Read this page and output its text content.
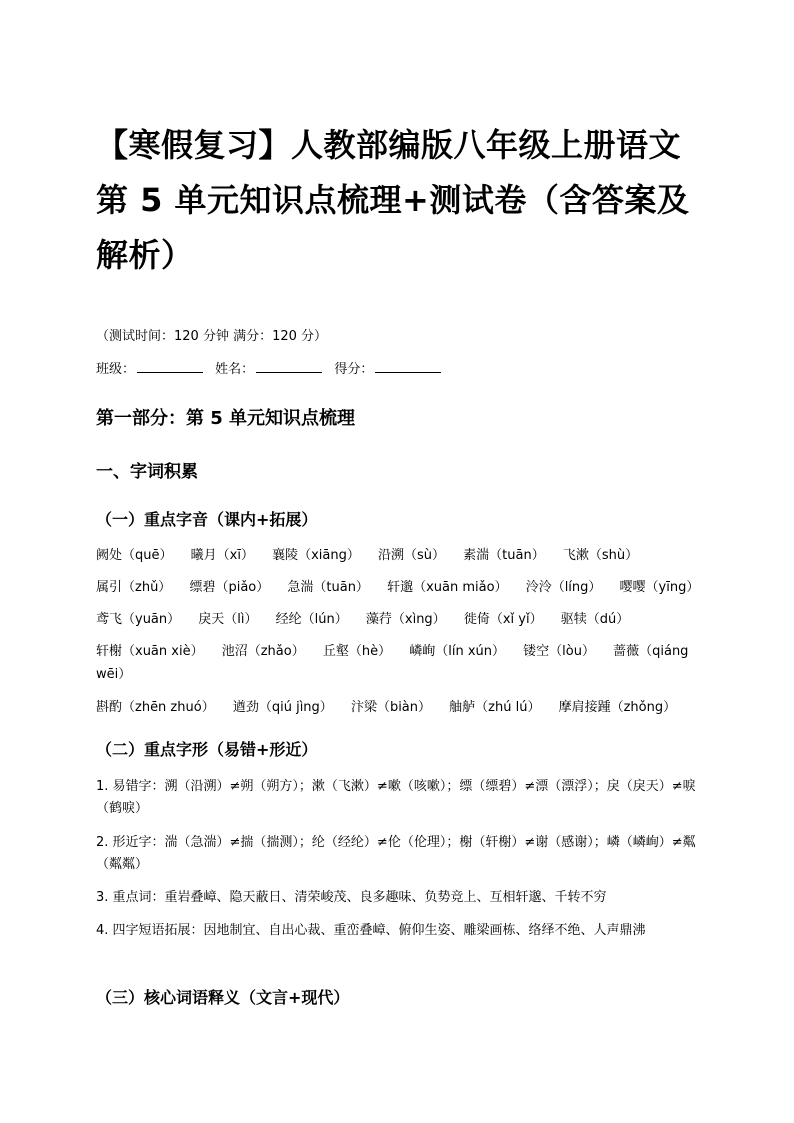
【寒假复习】人教部编版八年级上册语文第 5 单元知识点梳理+测试卷（含答案及解析）
（测试时间：120 分钟 满分：120 分）
班级：	姓名：	得分：
第一部分：第 5 单元知识点梳理
一、字词积累
（一）重点字音（课内+拓展）
阙处（quē） 曦月（xī） 襄陵（xiāng） 沿溯（sù） 素湍（tuān） 飞漱（shù）
属引（zhǔ） 缥碧（piǎo） 急湍（tuān） 轩邈（xuān miǎo） 泠泠（líng） 嘤嘤（yīng）
鸢飞（yuān） 戾天（lì） 经纶（lún） 藻荇（xìng） 徙倚（xǐ yǐ） 驱犊（dú）
轩榭（xuān xiè） 池沼（zhǎo） 丘壑（hè） 嶙峋（lín xún） 镂空（lòu） 蔷薇（qiáng
wēi）
斟酌（zhēn zhuó） 遒劲（qiú jìng） 汴梁（biàn） 舳舻（zhú lú） 摩肩接踵（zhǒng）
（二）重点字形（易错+形近）
1. 易错字：溯（沿溯）≠朔（朔方）；漱（飞漱）≠嗽（咳嗽）；缥（缥碧）≠漂（漂浮）；戾（戾天）≠唳（鹤唳）
2. 形近字：湍（急湍）≠揣（揣测）；纶（经纶）≠伦（伦理）；榭（轩榭）≠谢（感谢）；嶙（嶙峋）≠粼（粼粼）
3. 重点词：重岩叠嶂、隐天蔽日、清荣峻茂、良多趣味、负势竞上、互相轩邈、千转不穷
4. 四字短语拓展：因地制宜、自出心裁、重峦叠嶂、俯仰生姿、雕梁画栋、络绎不绝、人声鼎沸
（三）核心词语释义（文言+现代）
